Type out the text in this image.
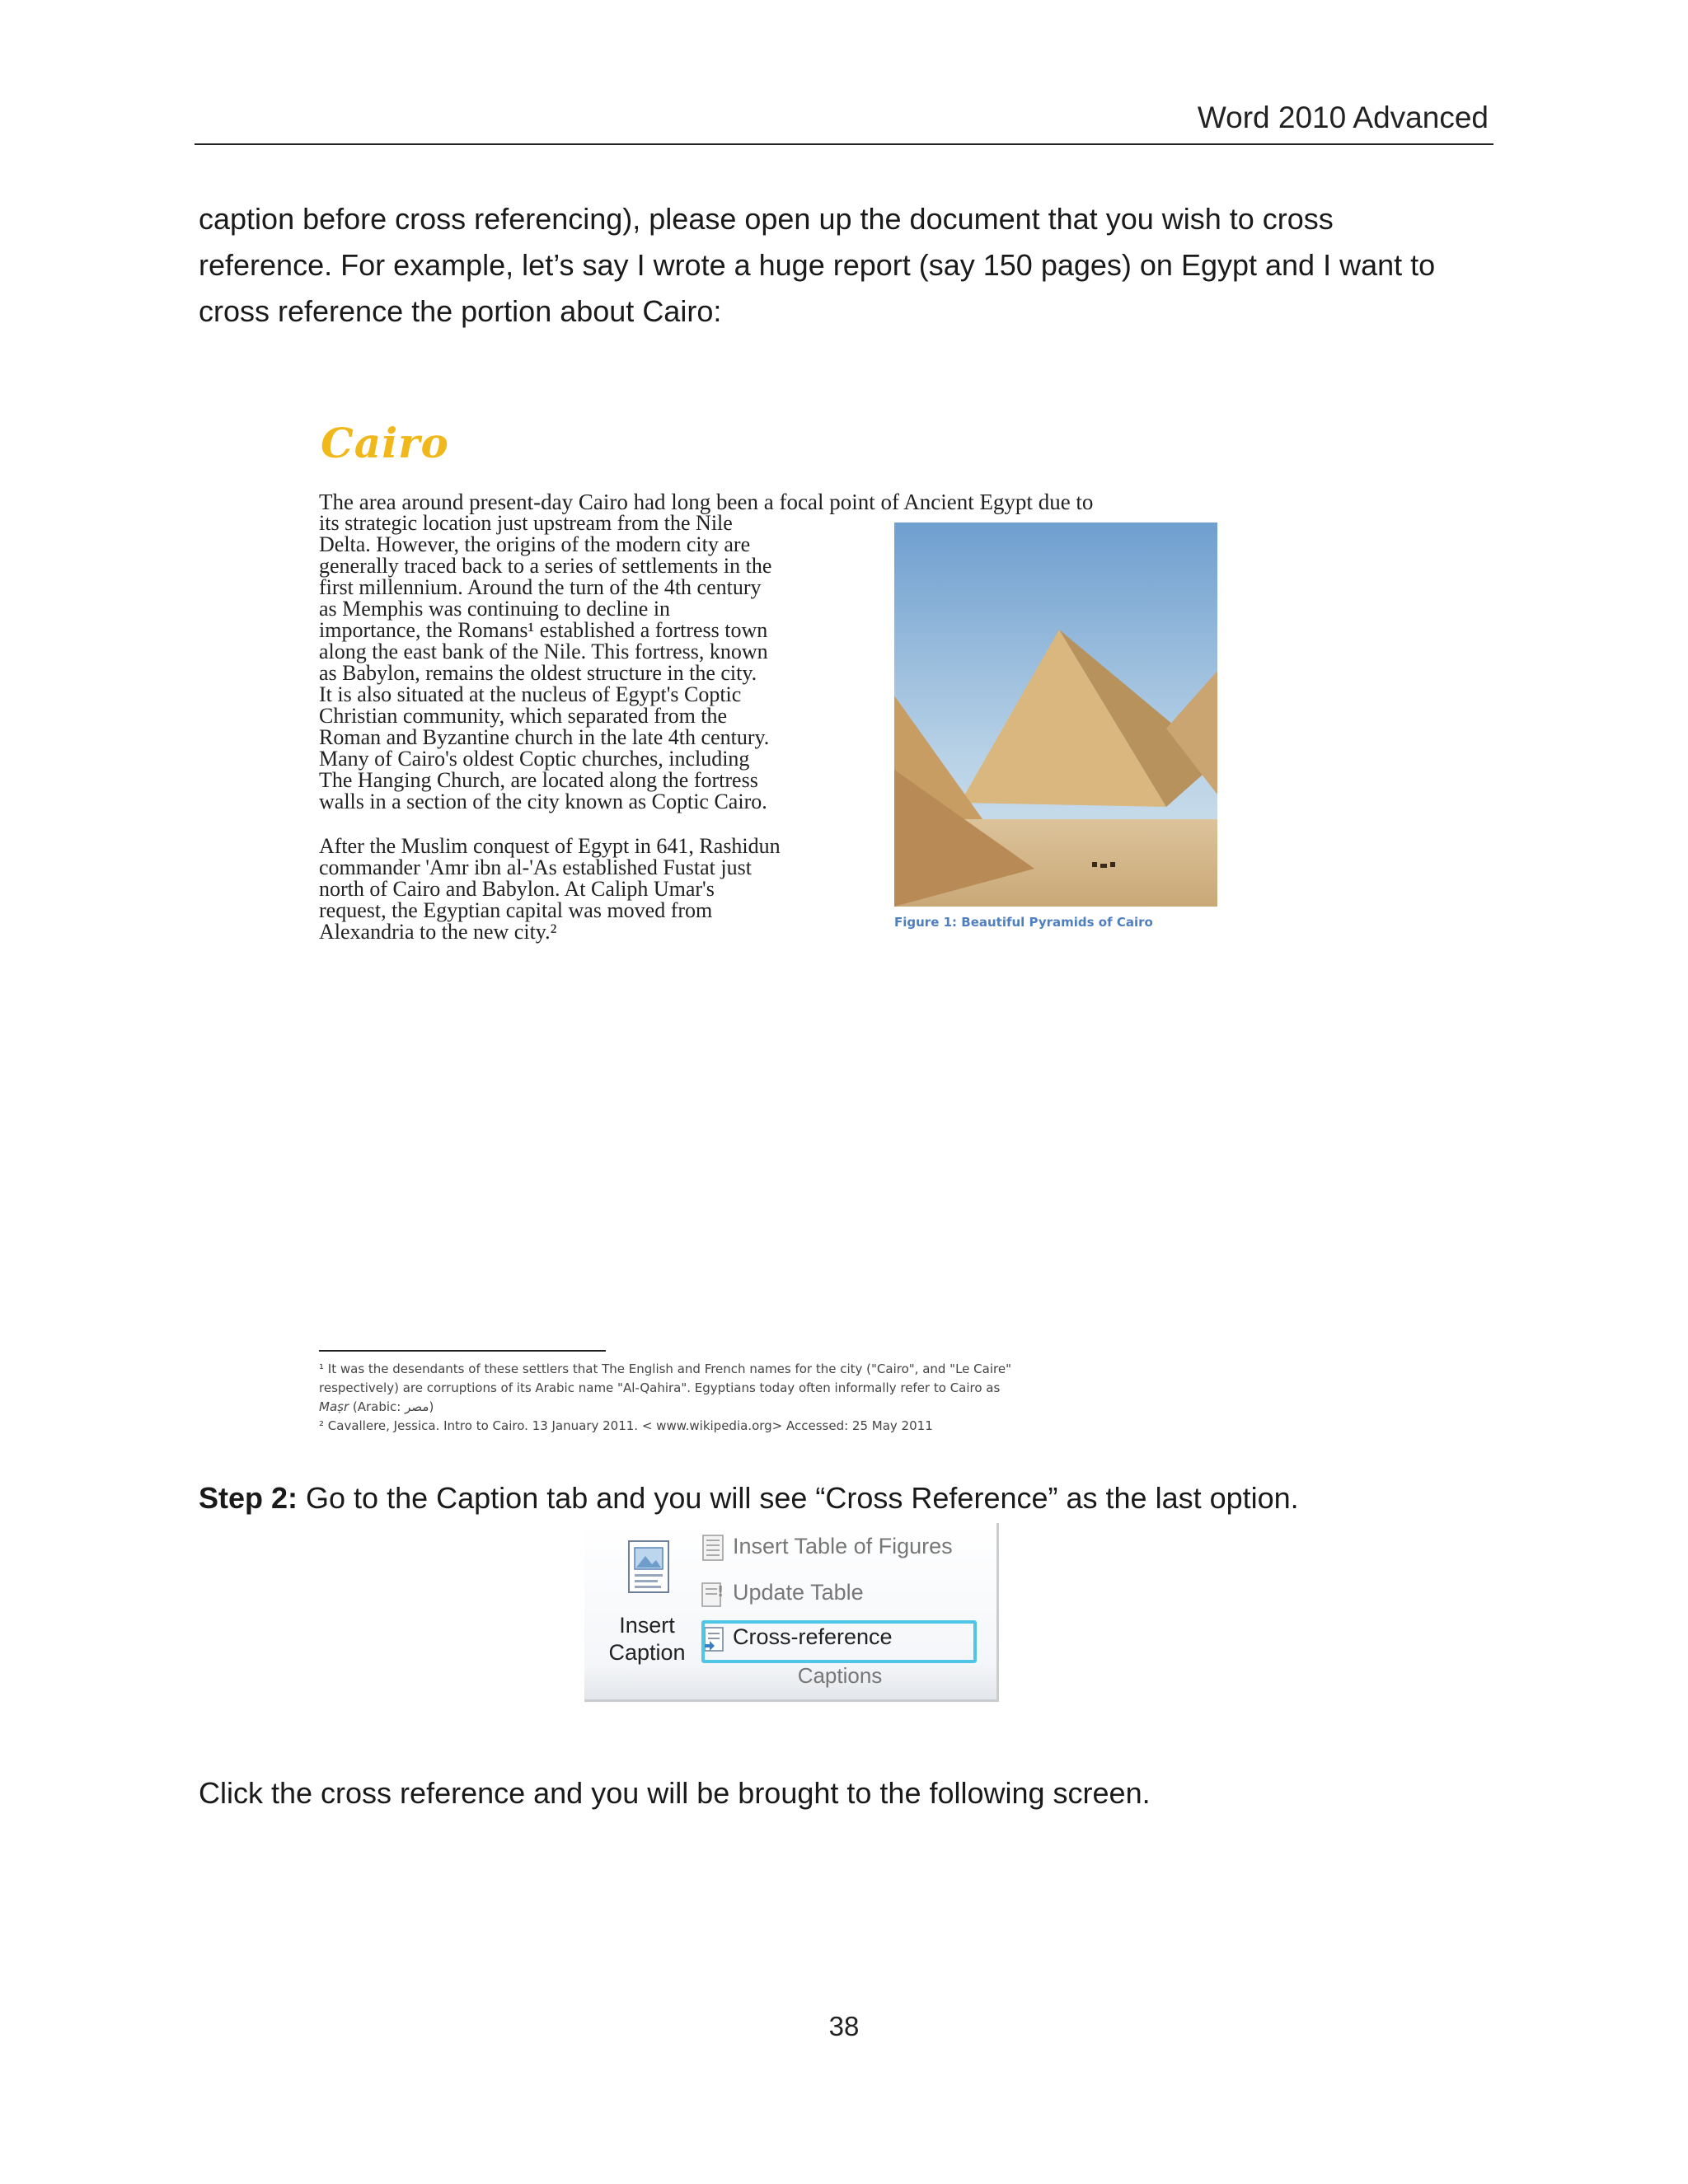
Word 2010 Advanced
caption before cross referencing), please open up the document that you wish to cross
reference. For example, let’s say I wrote a huge report (say 150 pages) on Egypt and I want to
cross reference the portion about Cairo:
Cairo
The area around present-day Cairo had long been a focal point of Ancient Egypt due to
its strategic location just upstream from the Nile
Delta. However, the origins of the modern city are
generally traced back to a series of settlements in the
first millennium. Around the turn of the 4th century
as Memphis was continuing to decline in
importance, the Romans¹ established a fortress town
along the east bank of the Nile. This fortress, known
as Babylon, remains the oldest structure in the city.
It is also situated at the nucleus of Egypt's Coptic
Christian community, which separated from the
Roman and Byzantine church in the late 4th century.
Many of Cairo's oldest Coptic churches, including
The Hanging Church, are located along the fortress
walls in a section of the city known as Coptic Cairo.
After the Muslim conquest of Egypt in 641, Rashidun
commander 'Amr ibn al-'As established Fustat just
north of Cairo and Babylon. At Caliph Umar's
request, the Egyptian capital was moved from
Alexandria to the new city.²	Figure 1: Beautiful Pyramids of Cairo
¹ It was the desendants of these settlers that The English and French names for the city ("Cairo", and "Le Caire"
respectively) are corruptions of its Arabic name "Al-Qahira". Egyptians today often informally refer to Cairo as
Maṣr (Arabic: مصر)
² Cavallere, Jessica. Intro to Cairo. 13 January 2011. < www.wikipedia.org> Accessed: 25 May 2011
Step 2: Go to the Caption tab and you will see “Cross Reference” as the last option.
Insert
Caption
Insert Table of Figures
! Update Table
Cross-reference
Captions
Click the cross reference and you will be brought to the following screen.
38
